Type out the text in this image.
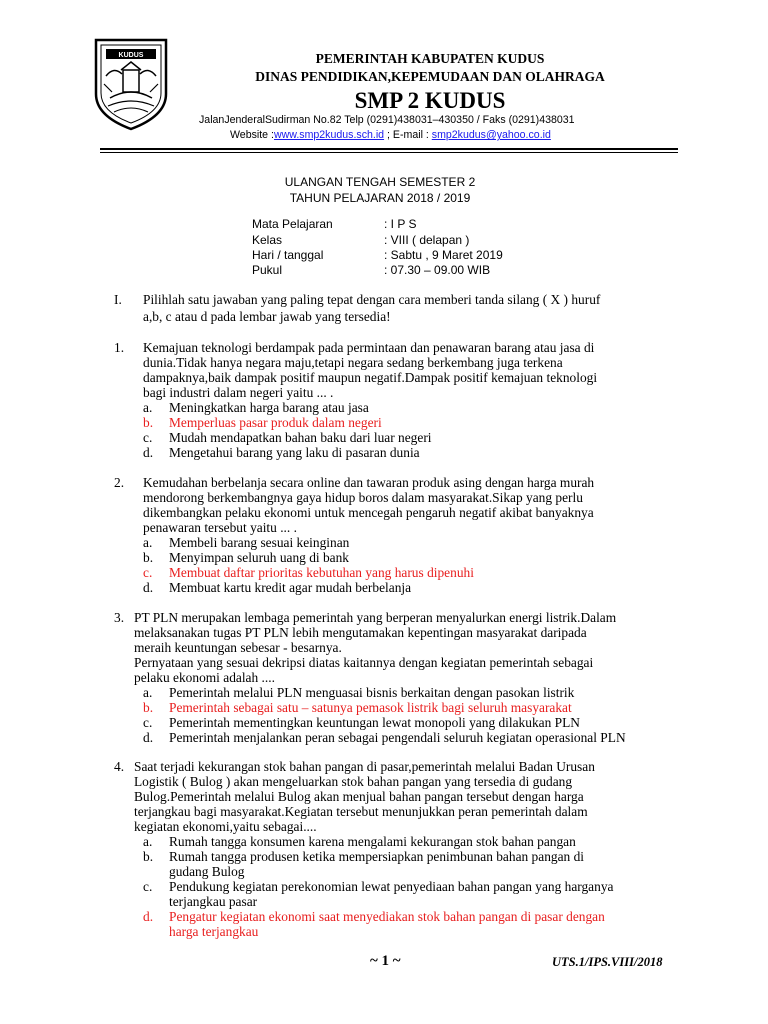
KUDUS	PEMERINTAH KABUPATEN KUDUS
DINAS PENDIDIKAN,KEPEMUDAAN DAN OLAHRAGA
SMP 2 KUDUS
JalanJenderalSudirman No.82 Telp (0291)438031–430350 / Faks (0291)438031
Website :www.smp2kudus.sch.id ; E-mail : smp2kudus@yahoo.co.id
ULANGAN TENGAH SEMESTER 2
TAHUN PELAJARAN 2018 / 2019
Mata Pelajaran	: I P S
Kelas	: VIII ( delapan )
Hari / tanggal	: Sabtu , 9 Maret 2019
Pukul	: 07.30 – 09.00 WIB
I. Pilihlah satu jawaban yang paling tepat dengan cara memberi tanda silang ( X ) huruf
a,b, c atau d pada lembar jawab yang tersedia!
1. Kemajuan teknologi berdampak pada permintaan dan penawaran barang atau jasa di
dunia.Tidak hanya negara maju,tetapi negara sedang berkembang juga terkena
dampaknya,baik dampak positif maupun negatif.Dampak positif kemajuan teknologi
bagi industri dalam negeri yaitu ... .
a. Meningkatkan harga barang atau jasa
b. Memperluas pasar produk dalam negeri
c. Mudah mendapatkan bahan baku dari luar negeri
d. Mengetahui barang yang laku di pasaran dunia
2. Kemudahan berbelanja secara online dan tawaran produk asing dengan harga murah
mendorong berkembangnya gaya hidup boros dalam masyarakat.Sikap yang perlu
dikembangkan pelaku ekonomi untuk mencegah pengaruh negatif akibat banyaknya
penawaran tersebut yaitu ... .
a. Membeli barang sesuai keinginan
b. Menyimpan seluruh uang di bank
c. Membuat daftar prioritas kebutuhan yang harus dipenuhi
d. Membuat kartu kredit agar mudah berbelanja
3. PT PLN merupakan lembaga pemerintah yang berperan menyalurkan energi listrik.Dalam
melaksanakan tugas PT PLN lebih mengutamakan kepentingan masyarakat daripada
meraih keuntungan sebesar - besarnya.
Pernyataan yang sesuai dekripsi diatas kaitannya dengan kegiatan pemerintah sebagai
pelaku ekonomi adalah ....
a. Pemerintah melalui PLN menguasai bisnis berkaitan dengan pasokan listrik
b. Pemerintah sebagai satu – satunya pemasok listrik bagi seluruh masyarakat
c. Pemerintah mementingkan keuntungan lewat monopoli yang dilakukan PLN
d. Pemerintah menjalankan peran sebagai pengendali seluruh kegiatan operasional PLN
4. Saat terjadi kekurangan stok bahan pangan di pasar,pemerintah melalui Badan Urusan
Logistik ( Bulog ) akan mengeluarkan stok bahan pangan yang tersedia di gudang
Bulog.Pemerintah melalui Bulog akan menjual bahan pangan tersebut dengan harga
terjangkau bagi masyarakat.Kegiatan tersebut menunjukkan peran pemerintah dalam
kegiatan ekonomi,yaitu sebagai....
a. Rumah tangga konsumen karena mengalami kekurangan stok bahan pangan
b. Rumah tangga produsen ketika mempersiapkan penimbunan bahan pangan di
gudang Bulog
c. Pendukung kegiatan perekonomian lewat penyediaan bahan pangan yang harganya
terjangkau pasar
d. Pengatur kegiatan ekonomi saat menyediakan stok bahan pangan di pasar dengan
harga terjangkau
~ 1 ~	UTS.1/IPS.VIII/2018
